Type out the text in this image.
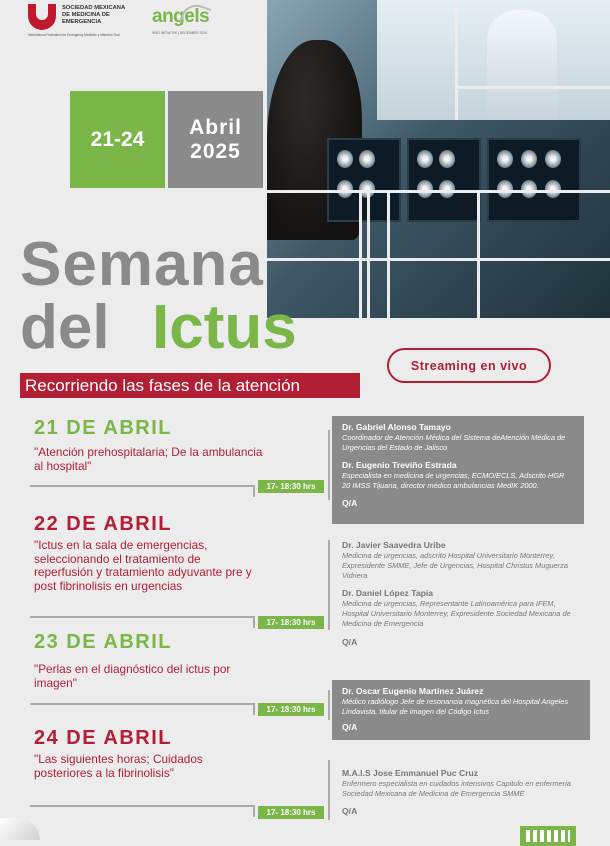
SOCIEDAD MEXICANA DE MEDICINA DE EMERGENCIA
International Federation for Emergency Medicine y Miembro Tiral
angels
WSO INITIATIVE | DECEMBER 2024
21-24
Abril
2025
Semana
del Ictus
Recorriendo las fases de la atención
Streaming en vivo
21 DE ABRIL
"Atención prehospitalaria; De la ambulancia al hospital"
17- 18:30 hrs
Dr. Gabriel Alonso Tamayo
Coordinador de Atención Médica del Sistema deAtención Médica de Urgencias del Estado de Jalisco
Dr. Eugenio Treviño Estrada
Especialista en medicina de urgencias, ECMO/ECLS, Adscrito HGR 20 IMSS Tijuana, director médico ambulancias MedIK 2000.
Q/A
22 DE ABRIL
"Ictus en la sala de emergencias, seleccionando el tratamiento de reperfusión y tratamiento adyuvante pre y post fibrinolisis en urgencias
17- 18:30 hrs
Dr. Javier Saavedra Uribe
Medicina de urgencias, adscrito Hospital Universitario Monterrey, Expresidente SMME, Jefe de Urgencias, Hospital Christus Muguerza Vidriera
Dr. Daniel López Tapia
Medicina de urgencias, Representante Latinoamérica para IFEM, Hospital Universitario Monterrey, Expresidente Sociedad Mexicana de Medicina de Emergencia
Q/A
23 DE ABRIL
"Perlas en el diagnóstico del ictus por imagen"
17- 18:30 hrs
Dr. Oscar Eugenio Martínez Juárez
Médico radiólogo Jefe de resonancia magnética del Hospital Angeles Lindavista, titular de imagen del Código Ictus
Q/A
24 DE ABRIL
"Las siguientes horas; Cuidados posteriores a la fibrinolisis"
17- 18:30 hrs
M.A.I.S Jose Emmanuel Puc Cruz
Enfermero especialista en cuidados intensivos Capitulo en enfermeria Sociedad Mexicana de Medicina de Emergencia SMME
Q/A
